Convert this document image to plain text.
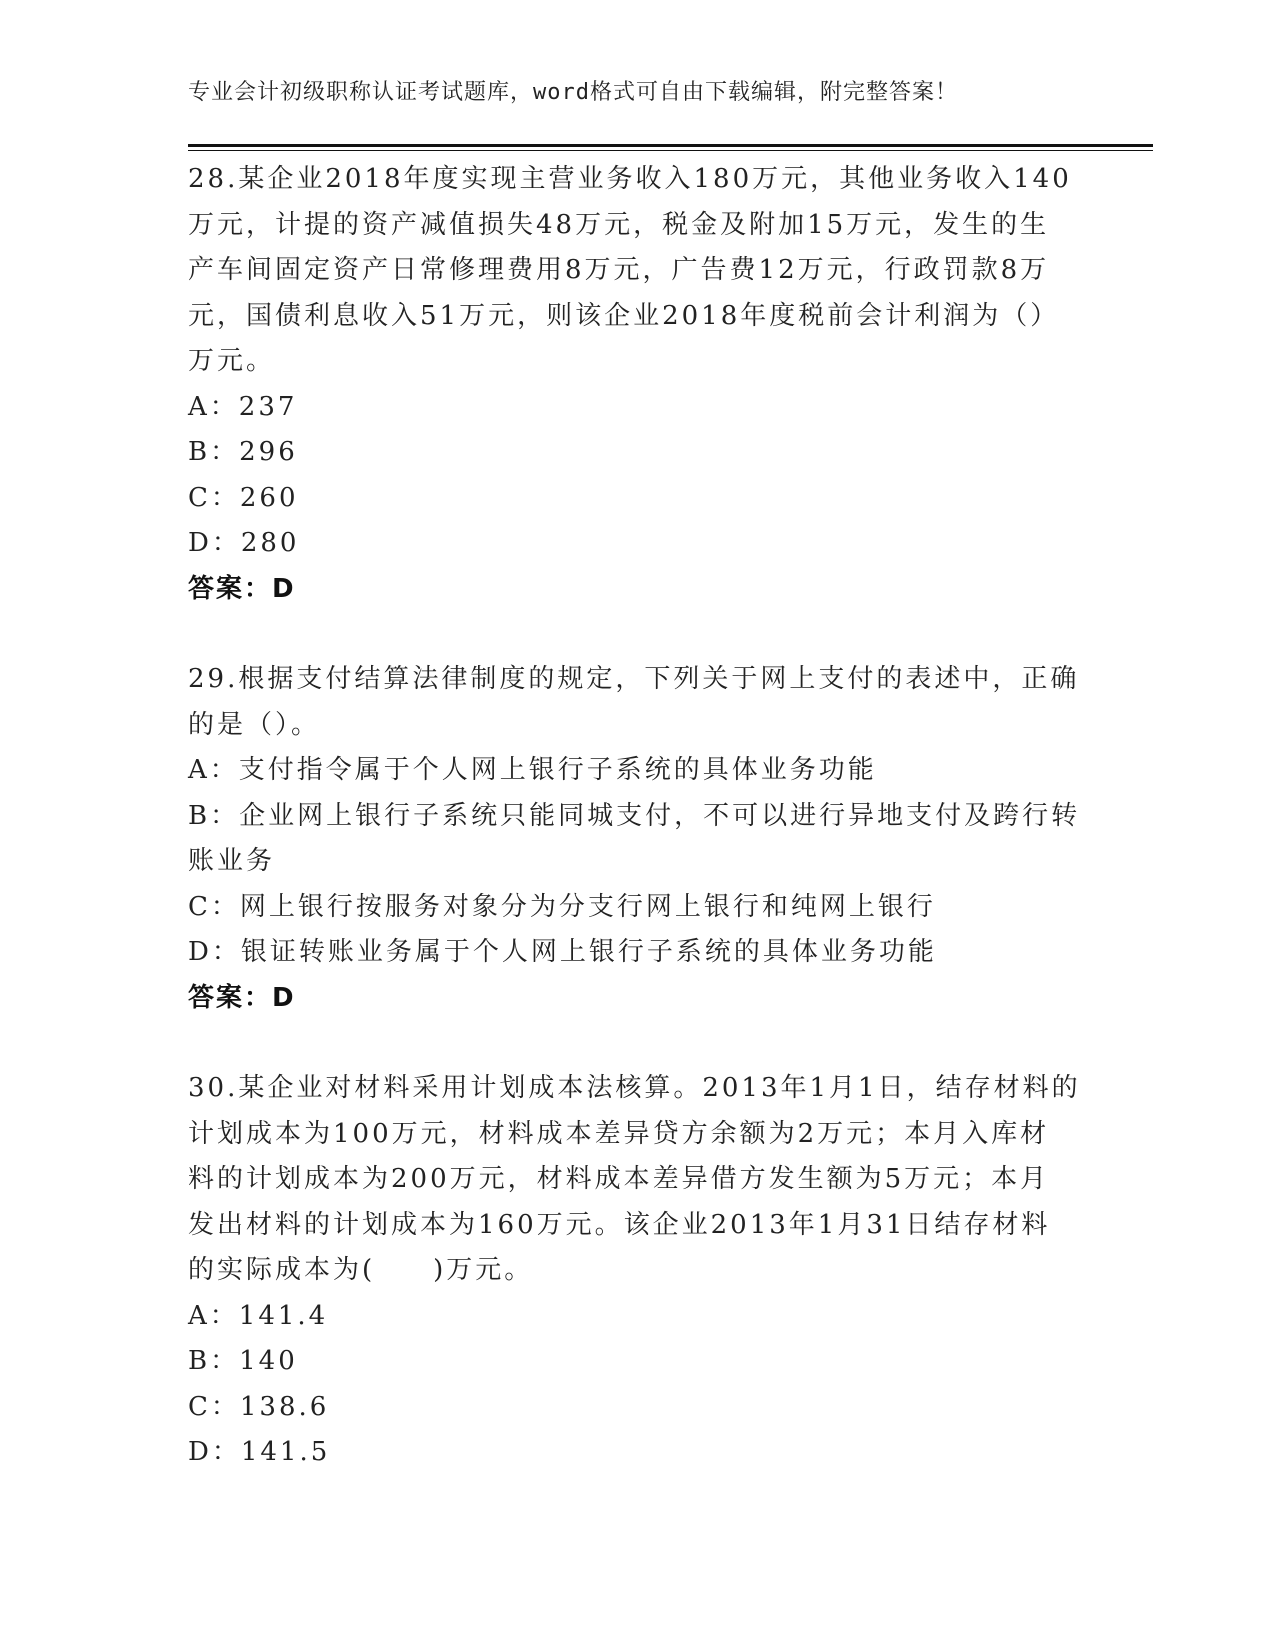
专业会计初级职称认证考试题库，word格式可自由下载编辑，附完整答案！
28.某企业2018年度实现主营业务收入180万元，其他业务收入140
万元，计提的资产减值损失48万元，税金及附加15万元，发生的生
产车间固定资产日常修理费用8万元，广告费12万元，行政罚款8万
元，国债利息收入51万元，则该企业2018年度税前会计利润为（）
万元。
A：237
B：296
C：260
D：280
答案：D
29.根据支付结算法律制度的规定，下列关于网上支付的表述中，正确
的是（）。
A：支付指令属于个人网上银行子系统的具体业务功能
B：企业网上银行子系统只能同城支付，不可以进行异地支付及跨行转
账业务
C：网上银行按服务对象分为分支行网上银行和纯网上银行
D：银证转账业务属于个人网上银行子系统的具体业务功能
答案：D
30.某企业对材料采用计划成本法核算。2013年1月1日，结存材料的
计划成本为100万元，材料成本差异贷方余额为2万元；本月入库材
料的计划成本为200万元，材料成本差异借方发生额为5万元；本月
发出材料的计划成本为160万元。该企业2013年1月31日结存材料
的实际成本为(　　)万元。
A：141.4
B：140
C：138.6
D：141.5
